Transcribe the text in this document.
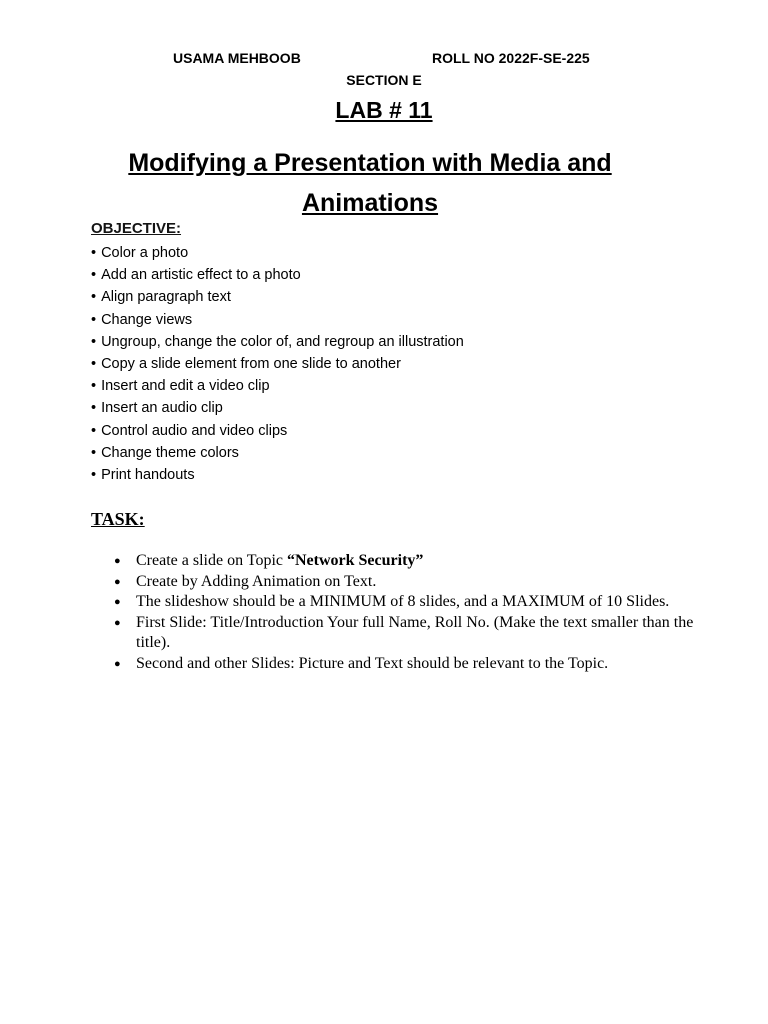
USAMA MEHBOOB	ROLL NO 2022F-SE-225
SECTION E
LAB # 11
Modifying a Presentation with Media and
Animations
OBJECTIVE:
• Color a photo
• Add an artistic effect to a photo
• Align paragraph text
• Change views
• Ungroup, change the color of, and regroup an illustration
• Copy a slide element from one slide to another
• Insert and edit a video clip
• Insert an audio clip
• Control audio and video clips
• Change theme colors
• Print handouts
TASK:
● Create a slide on Topic “Network Security”
● Create by Adding Animation on Text.
● The slideshow should be a MINIMUM of 8 slides, and a MAXIMUM of 10 Slides.
● First Slide: Title/Introduction Your full Name, Roll No. (Make the text smaller than the title).
● Second and other Slides: Picture and Text should be relevant to the Topic.
